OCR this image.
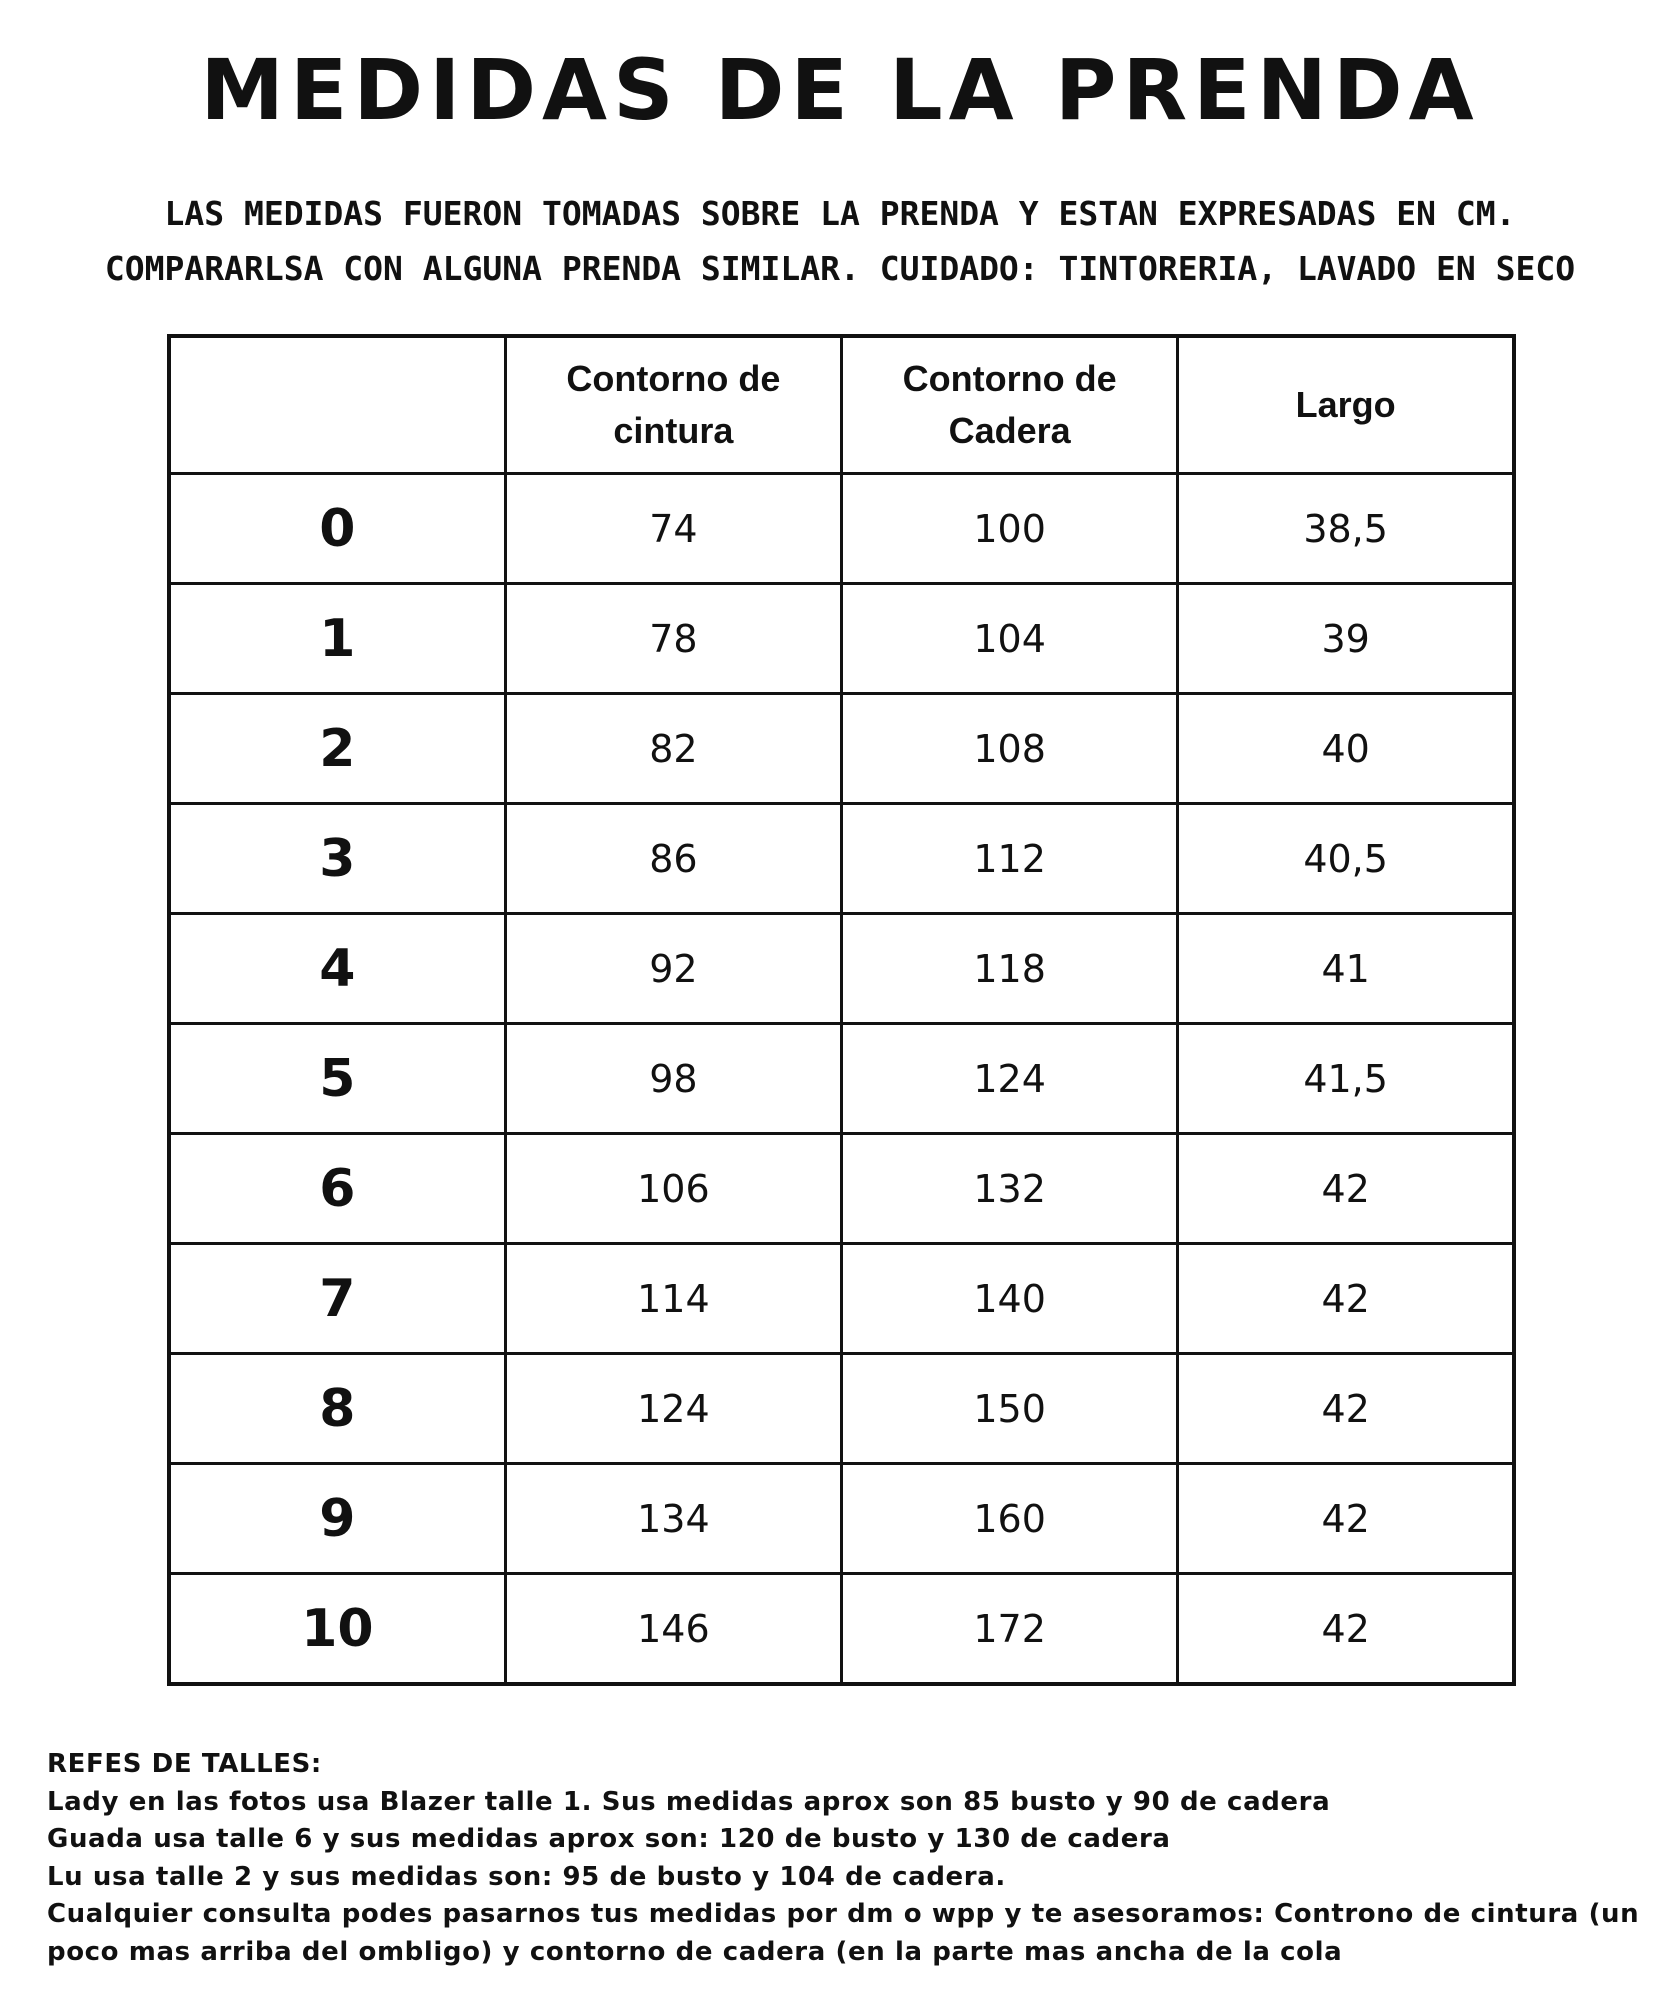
MEDIDAS DE LA PRENDA
LAS MEDIDAS FUERON TOMADAS SOBRE LA PRENDA Y ESTAN EXPRESADAS EN CM.
COMPARARLSA CON ALGUNA PRENDA SIMILAR. CUIDADO: TINTORERIA, LAVADO EN SECO
	Contorno de cintura	Contorno de Cadera	Largo
0	74	100	38,5
1	78	104	39
2	82	108	40
3	86	112	40,5
4	92	118	41
5	98	124	41,5
6	106	132	42
7	114	140	42
8	124	150	42
9	134	160	42
10	146	172	42
REFES DE TALLES:
Lady en las fotos usa Blazer talle 1. Sus medidas aprox son 85 busto y 90 de cadera
Guada usa talle 6 y sus medidas aprox son: 120 de busto y 130 de cadera
Lu usa talle 2 y sus medidas son: 95 de busto y 104 de cadera.
Cualquier consulta podes pasarnos tus medidas por dm o wpp y te asesoramos: Controno de cintura (un
poco mas arriba del ombligo) y contorno de cadera (en la parte mas ancha de la cola
